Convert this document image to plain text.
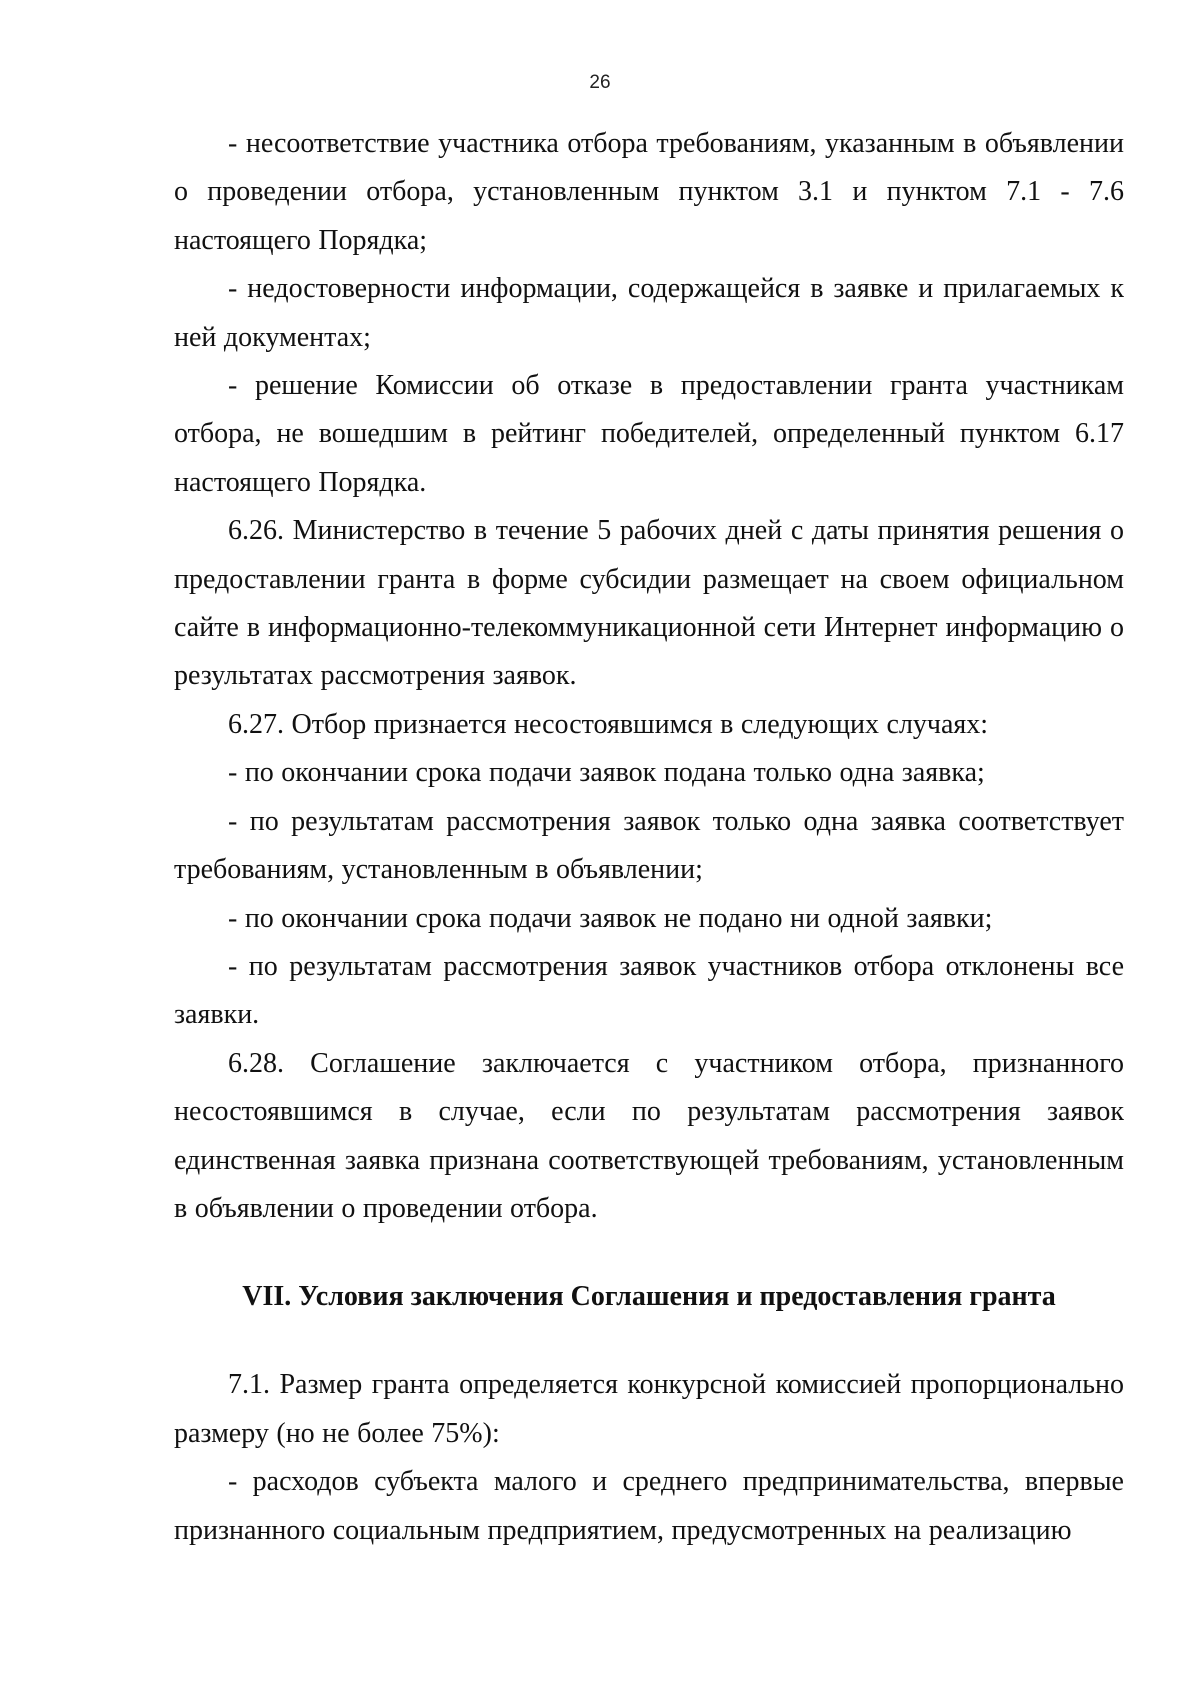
26

- несоответствие участника отбора требованиям, указанным в объявлении о проведении отбора, установленным пунктом 3.1 и пунктом 7.1 - 7.6 настоящего Порядка;

- недостоверности информации, содержащейся в заявке и прилагаемых к ней документах;

- решение Комиссии об отказе в предоставлении гранта участникам отбора, не вошедшим в рейтинг победителей, определенный пунктом 6.17 настоящего Порядка.

6.26. Министерство в течение 5 рабочих дней с даты принятия решения о предоставлении гранта в форме субсидии размещает на своем официальном сайте в информационно-телекоммуникационной сети Интернет информацию о результатах рассмотрения заявок.

6.27. Отбор признается несостоявшимся в следующих случаях:

- по окончании срока подачи заявок подана только одна заявка;

- по результатам рассмотрения заявок только одна заявка соответствует требованиям, установленным в объявлении;

- по окончании срока подачи заявок не подано ни одной заявки;

- по результатам рассмотрения заявок участников отбора отклонены все заявки.

6.28. Соглашение заключается с участником отбора, признанного несостоявшимся в случае, если по результатам рассмотрения заявок единственная заявка признана соответствующей требованиям, установленным в объявлении о проведении отбора.

VII. Условия заключения Соглашения и предоставления гранта

7.1. Размер гранта определяется конкурсной комиссией пропорционально размеру (но не более 75%):

- расходов субъекта малого и среднего предпринимательства, впервые признанного социальным предприятием, предусмотренных на реализацию
